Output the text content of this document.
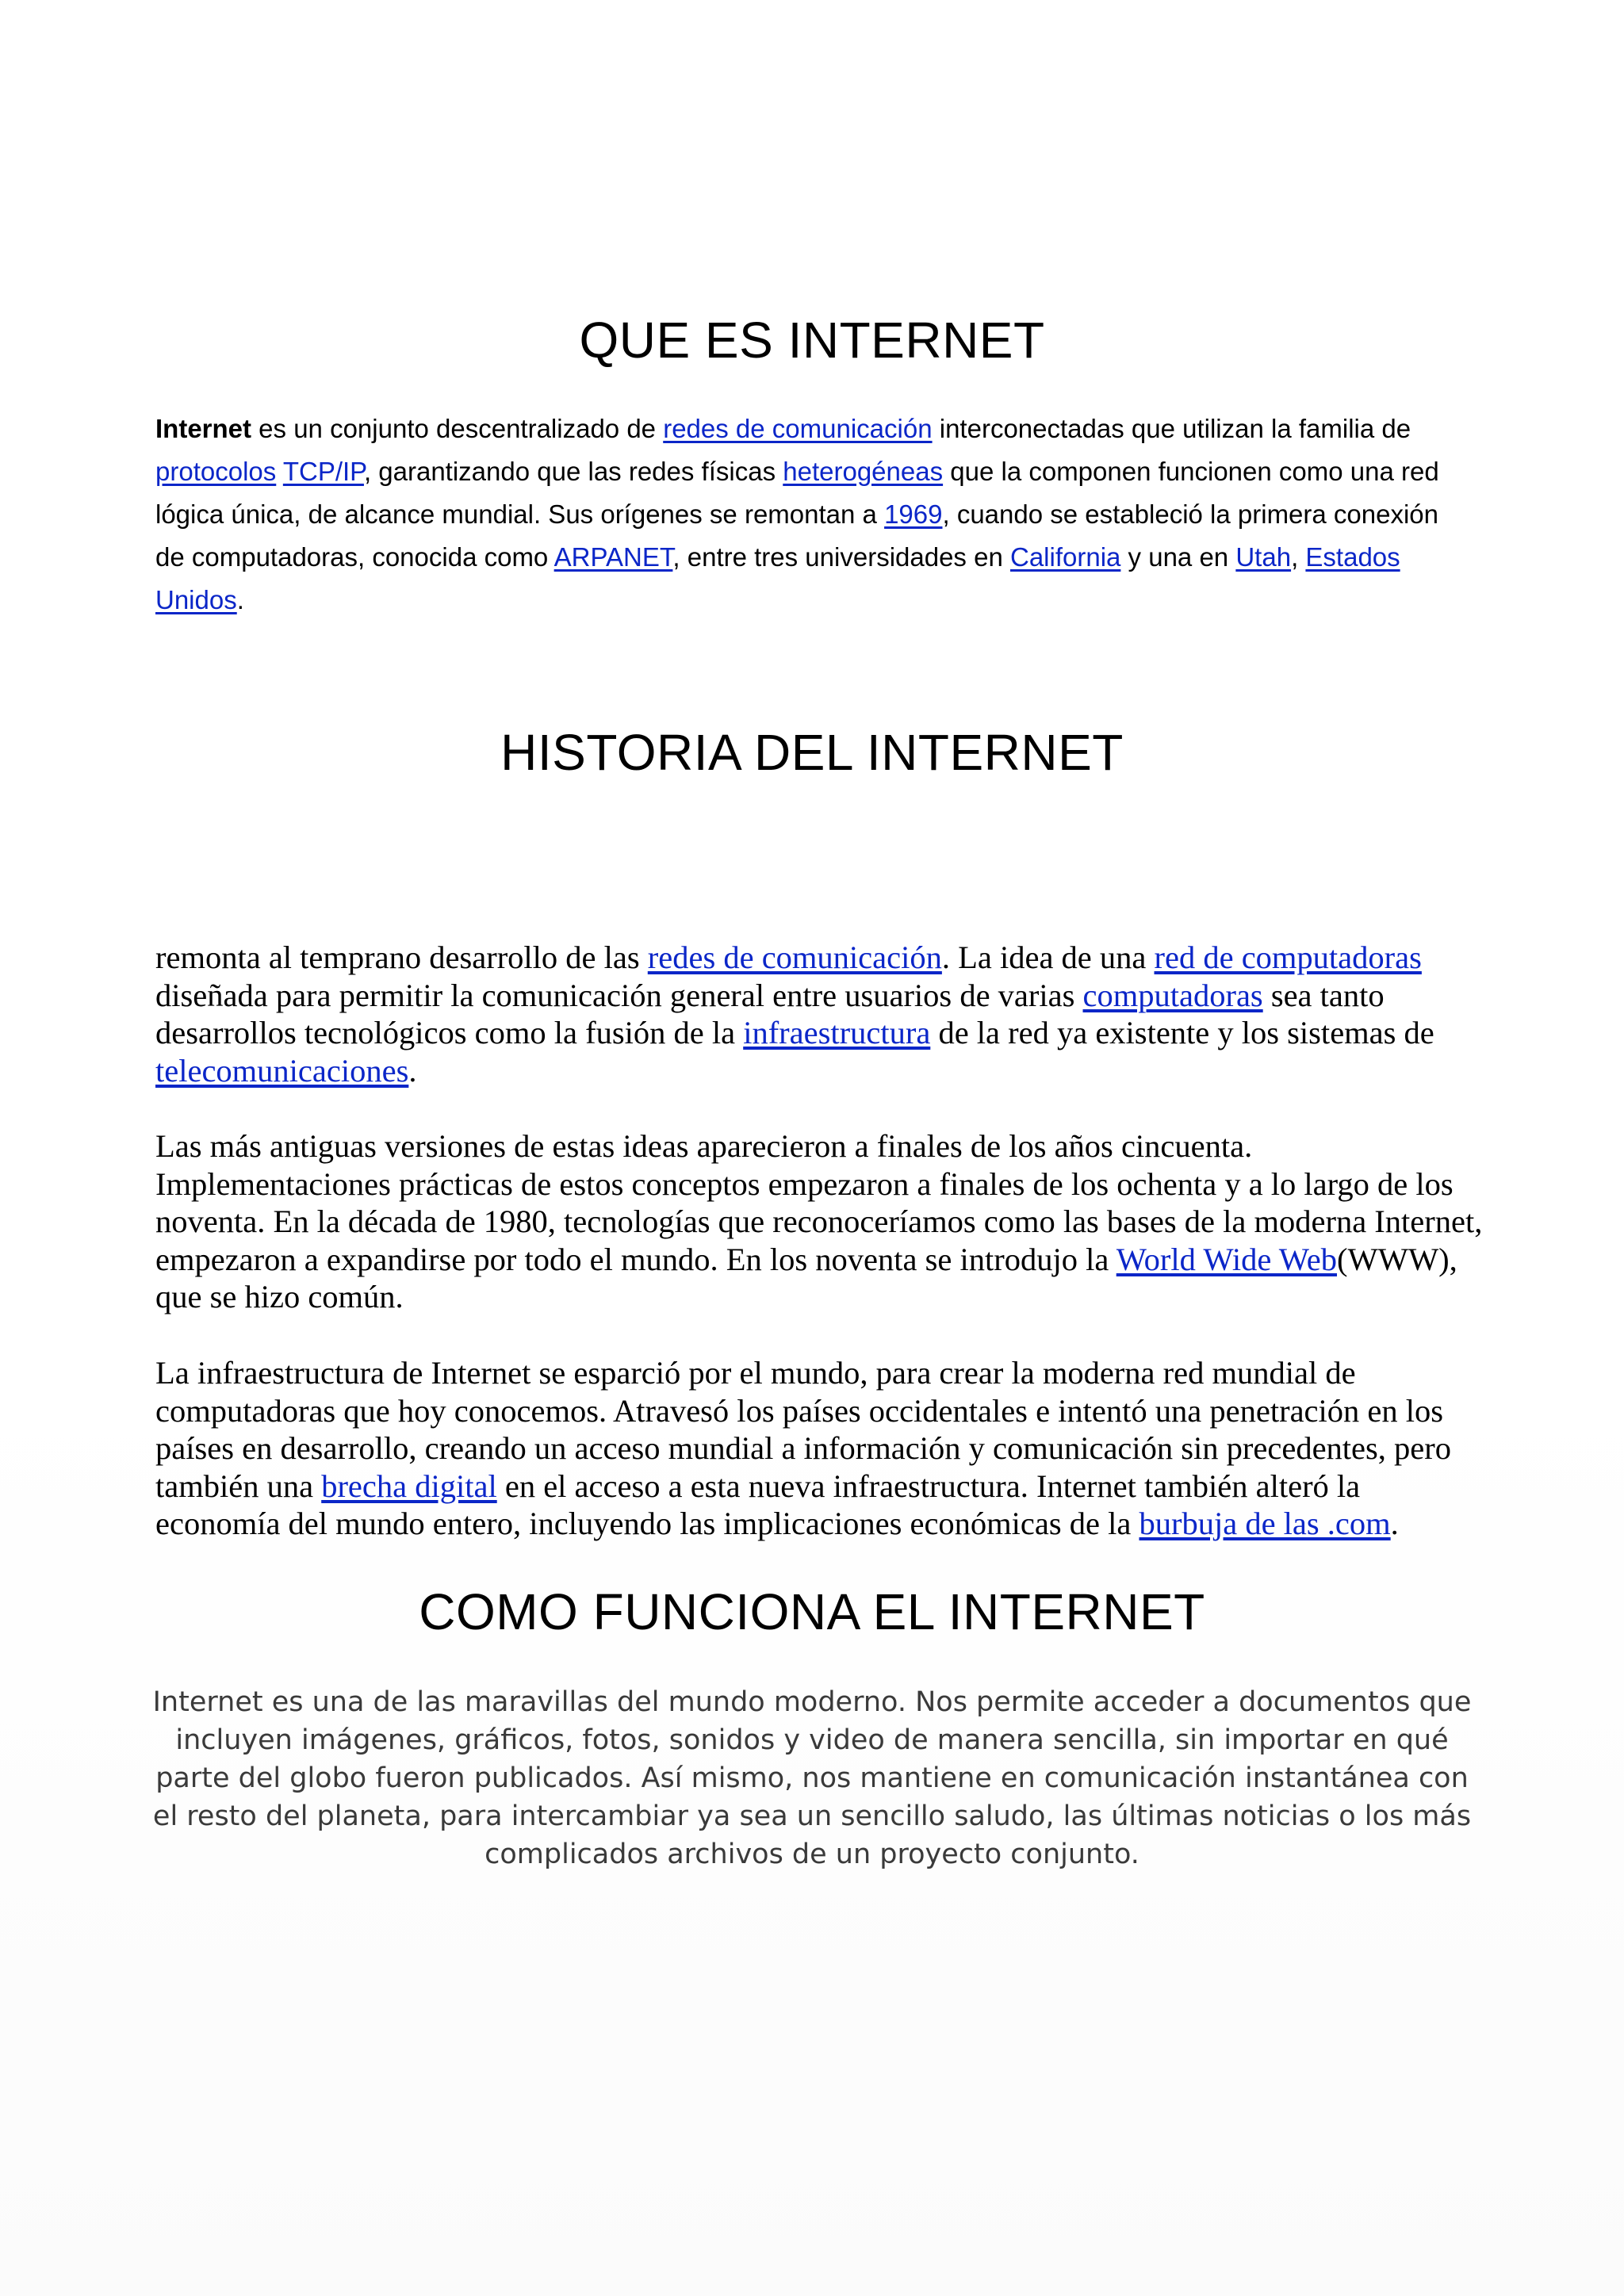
QUE ES INTERNET

Internet es un conjunto descentralizado de redes de comunicación interconectadas que utilizan la familia de protocolos TCP/IP, garantizando que las redes físicas heterogéneas que la componen funcionen como una red lógica única, de alcance mundial. Sus orígenes se remontan a 1969, cuando se estableció la primera conexión de computadoras, conocida como ARPANET, entre tres universidades en California y una en Utah, Estados Unidos.

HISTORIA DEL INTERNET

remonta al temprano desarrollo de las redes de comunicación. La idea de una red de computadoras diseñada para permitir la comunicación general entre usuarios de varias computadoras sea tanto desarrollos tecnológicos como la fusión de la infraestructura de la red ya existente y los sistemas de telecomunicaciones.

Las más antiguas versiones de estas ideas aparecieron a finales de los años cincuenta. Implementaciones prácticas de estos conceptos empezaron a finales de los ochenta y a lo largo de los noventa. En la década de 1980, tecnologías que reconoceríamos como las bases de la moderna Internet, empezaron a expandirse por todo el mundo. En los noventa se introdujo la World Wide Web(WWW), que se hizo común.

La infraestructura de Internet se esparció por el mundo, para crear la moderna red mundial de computadoras que hoy conocemos. Atravesó los países occidentales e intentó una penetración en los países en desarrollo, creando un acceso mundial a información y comunicación sin precedentes, pero también una brecha digital en el acceso a esta nueva infraestructura. Internet también alteró la economía del mundo entero, incluyendo las implicaciones económicas de la burbuja de las .com.

COMO FUNCIONA EL INTERNET

Internet es una de las maravillas del mundo moderno. Nos permite acceder a documentos que incluyen imágenes, gráficos, fotos, sonidos y video de manera sencilla, sin importar en qué parte del globo fueron publicados. Así mismo, nos mantiene en comunicación instantánea con el resto del planeta, para intercambiar ya sea un sencillo saludo, las últimas noticias o los más complicados archivos de un proyecto conjunto.
